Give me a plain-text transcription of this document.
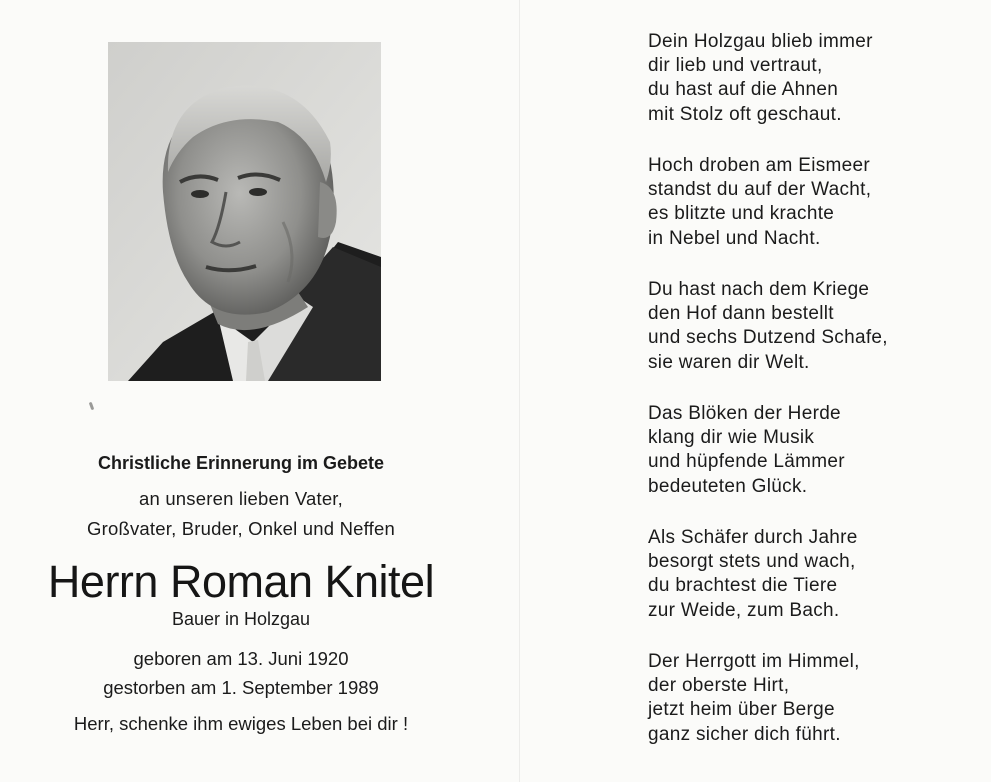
Christliche Erinnerung im Gebete
an unseren lieben Vater,
Großvater, Bruder, Onkel und Neffen
Herrn Roman Knitel
Bauer in Holzgau
geboren am 13. Juni 1920
gestorben am 1. September 1989
Herr, schenke ihm ewiges Leben bei dir !
Dein Holzgau blieb immer
dir lieb und vertraut,
du hast auf die Ahnen
mit Stolz oft geschaut.
Hoch droben am Eismeer
standst du auf der Wacht,
es blitzte und krachte
in Nebel und Nacht.
Du hast nach dem Kriege
den Hof dann bestellt
und sechs Dutzend Schafe,
sie waren dir Welt.
Das Blöken der Herde
klang dir wie Musik
und hüpfende Lämmer
bedeuteten Glück.
Als Schäfer durch Jahre
besorgt stets und wach,
du brachtest die Tiere
zur Weide, zum Bach.
Der Herrgott im Himmel,
der oberste Hirt,
jetzt heim über Berge
ganz sicher dich führt.
